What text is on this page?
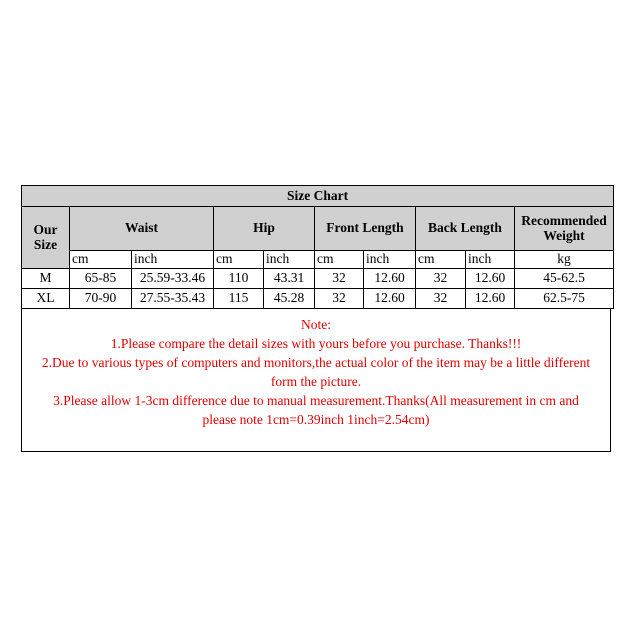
Size Chart									
Our Size	Waist		Hip		Front Length		Back Length		Recommended Weight
	cm	inch	cm	inch	cm	inch	cm	inch	kg
M	65-85	25.59-33.46	110	43.31	32	12.60	32	12.60	45-62.5
XL	70-90	27.55-35.43	115	45.28	32	12.60	32	12.60	62.5-75
Note:
1.Please compare the detail sizes with yours before you purchase. Thanks!!!
2.Due to various types of computers and monitors,the actual color of the item may be a little different
form the picture.
3.Please allow 1-3cm difference due to manual measurement.Thanks(All measurement in cm and
please note 1cm=0.39inch 1inch=2.54cm)
